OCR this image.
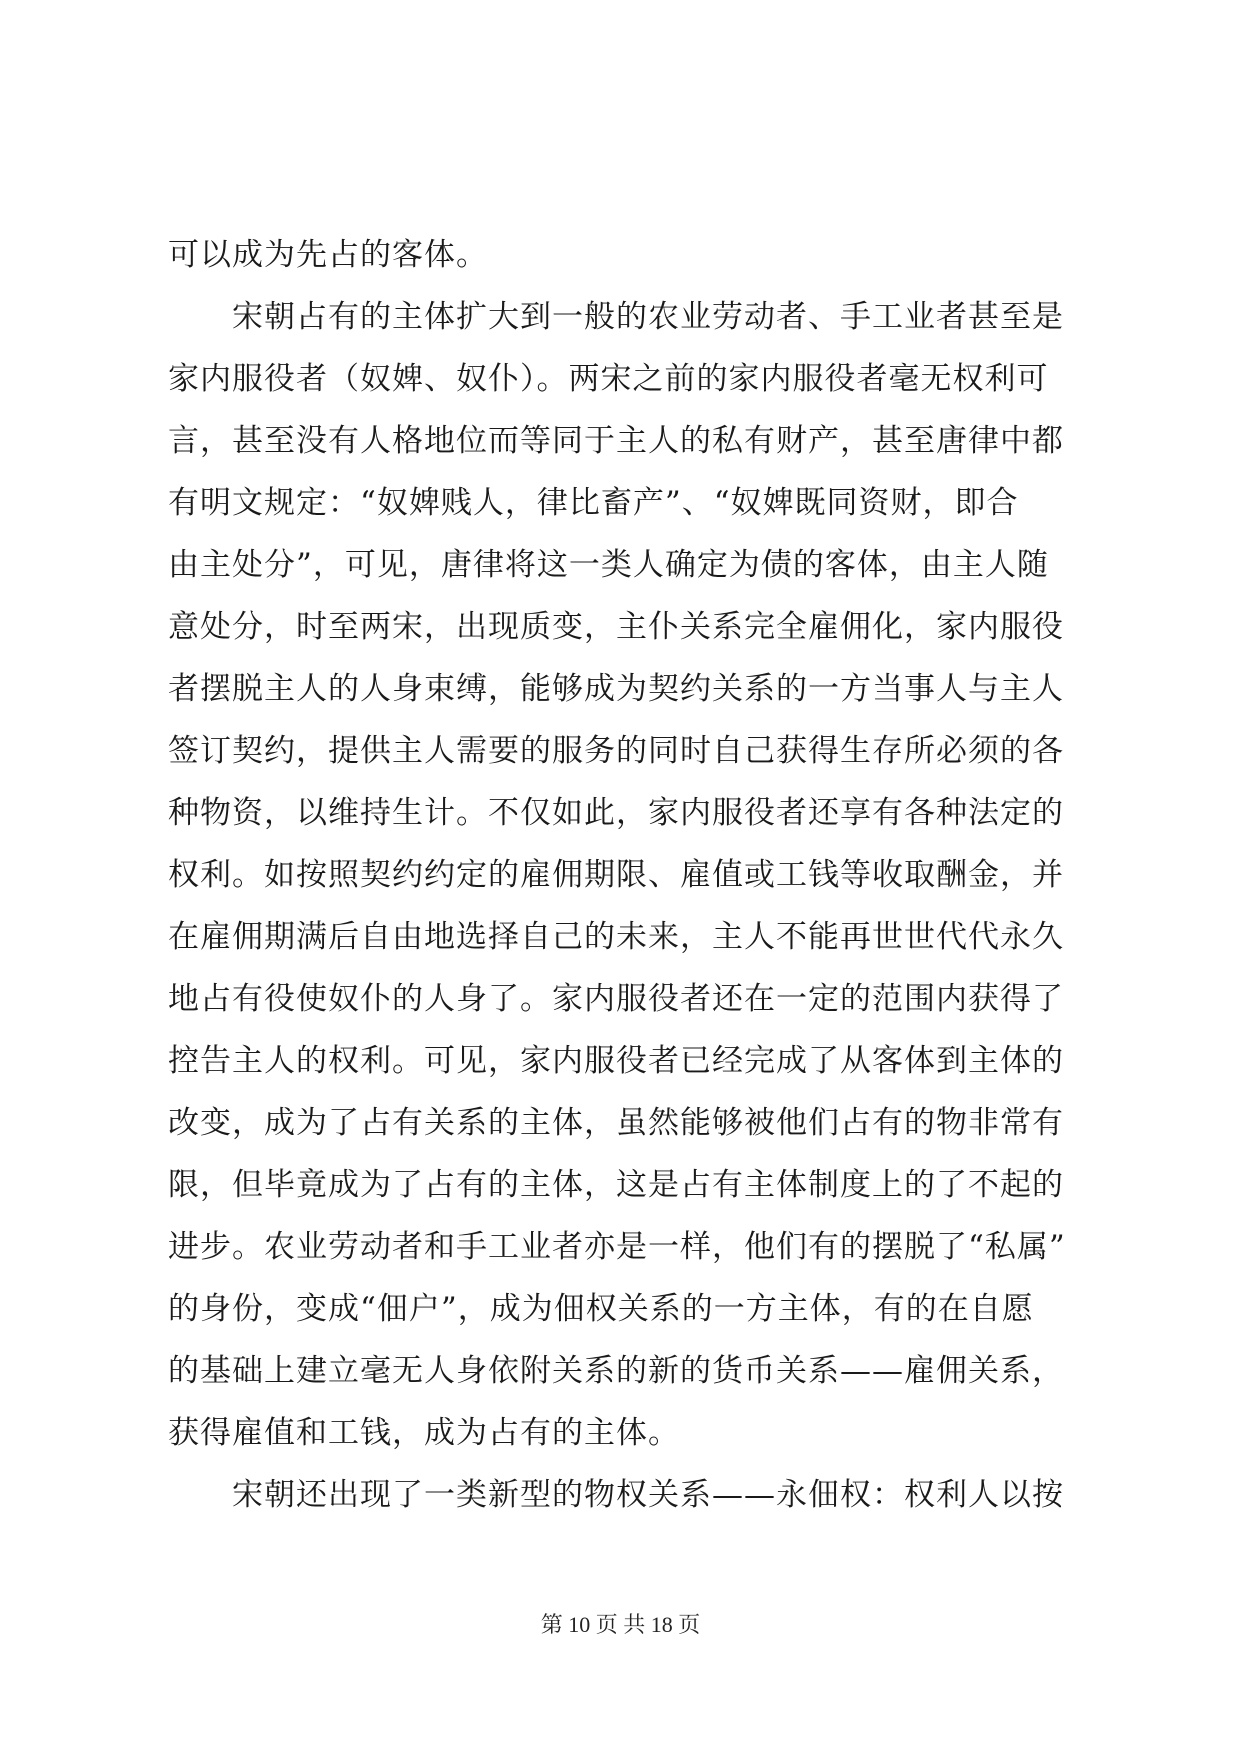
可以成为先占的客体。
宋朝占有的主体扩大到一般的农业劳动者、手工业者甚至是
家内服役者（奴婢、奴仆）。两宋之前的家内服役者毫无权利可
言，甚至没有人格地位而等同于主人的私有财产，甚至唐律中都
有明文规定：“奴婢贱人，律比畜产”、“奴婢既同资财，即合
由主处分”，可见，唐律将这一类人确定为债的客体，由主人随
意处分，时至两宋，出现质变，主仆关系完全雇佣化，家内服役
者摆脱主人的人身束缚，能够成为契约关系的一方当事人与主人
签订契约，提供主人需要的服务的同时自己获得生存所必须的各
种物资，以维持生计。不仅如此，家内服役者还享有各种法定的
权利。如按照契约约定的雇佣期限、雇值或工钱等收取酬金，并
在雇佣期满后自由地选择自己的未来，主人不能再世世代代永久
地占有役使奴仆的人身了。家内服役者还在一定的范围内获得了
控告主人的权利。可见，家内服役者已经完成了从客体到主体的
改变，成为了占有关系的主体，虽然能够被他们占有的物非常有
限，但毕竟成为了占有的主体，这是占有主体制度上的了不起的
进步。农业劳动者和手工业者亦是一样，他们有的摆脱了“私属”
的身份，变成“佃户”，成为佃权关系的一方主体，有的在自愿
的基础上建立毫无人身依附关系的新的货币关系——雇佣关系，
获得雇值和工钱，成为占有的主体。
宋朝还出现了一类新型的物权关系——永佃权：权利人以按
第 10 页 共 18 页
